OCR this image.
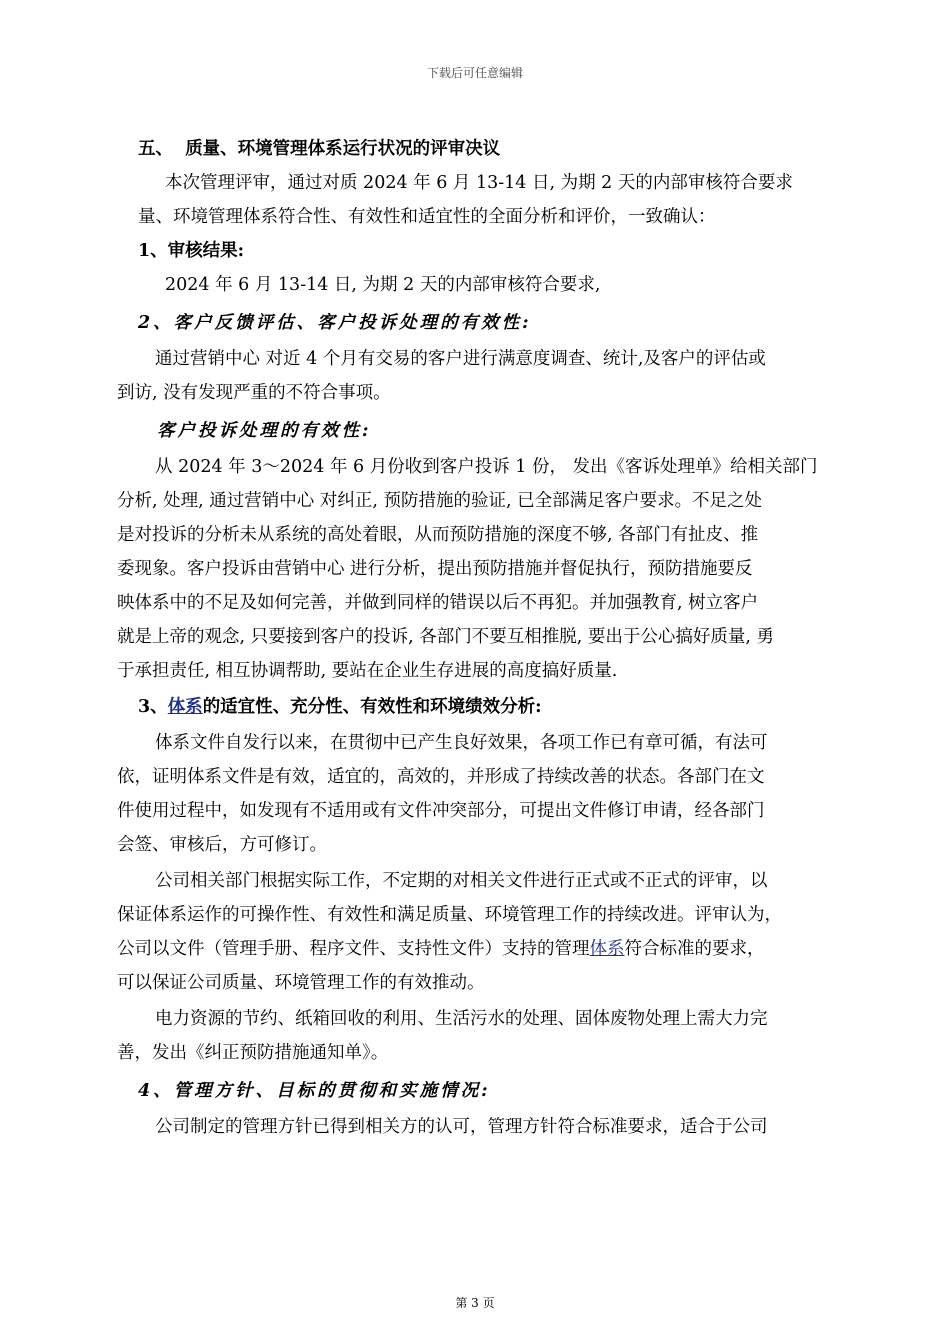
下载后可任意编辑
五、 质量、环境管理体系运行状况的评审决议
本次管理评审，通过对质 2024 年 6 月 13-14 日, 为期 2 天的内部审核符合要求
量、环境管理体系符合性、有效性和适宜性的全面分析和评价，一致确认：
1、审核结果:
2024 年 6 月 13-14 日, 为期 2 天的内部审核符合要求,
2、客户反馈评估、客户投诉处理的有效性:
通过营销中心 对近 4 个月有交易的客户进行满意度调查、统计,及客户的评估或
到访, 没有发现严重的不符合事项。
客户投诉处理的有效性:
从 2024 年 3～2024 年 6 月份收到客户投诉 1 份， 发出《客诉处理单》给相关部门
分析, 处理, 通过营销中心 对纠正, 预防措施的验证, 已全部满足客户要求。不足之处
是对投诉的分析未从系统的高处着眼，从而预防措施的深度不够, 各部门有扯皮、推
委现象。客户投诉由营销中心 进行分析，提出预防措施并督促执行，预防措施要反
映体系中的不足及如何完善，并做到同样的错误以后不再犯。并加强教育, 树立客户
就是上帝的观念, 只要接到客户的投诉, 各部门不要互相推脱, 要出于公心搞好质量, 勇
于承担责任, 相互协调帮助, 要站在企业生存进展的高度搞好质量.
3、体系的适宜性、充分性、有效性和环境绩效分析:
体系文件自发行以来，在贯彻中已产生良好效果，各项工作已有章可循，有法可
依，证明体系文件是有效，适宜的，高效的，并形成了持续改善的状态。各部门在文
件使用过程中，如发现有不适用或有文件冲突部分，可提出文件修订申请，经各部门
会签、审核后，方可修订。
公司相关部门根据实际工作，不定期的对相关文件进行正式或不正式的评审，以
保证体系运作的可操作性、有效性和满足质量、环境管理工作的持续改进。评审认为，
公司以文件（管理手册、程序文件、支持性文件）支持的管理体系符合标准的要求，
可以保证公司质量、环境管理工作的有效推动。
电力资源的节约、纸箱回收的利用、生活污水的处理、固体废物处理上需大力完
善，发出《纠正预防措施通知单》。
4、管理方针、目标的贯彻和实施情况:
公司制定的管理方针已得到相关方的认可，管理方针符合标准要求，适合于公司
第 3 页
